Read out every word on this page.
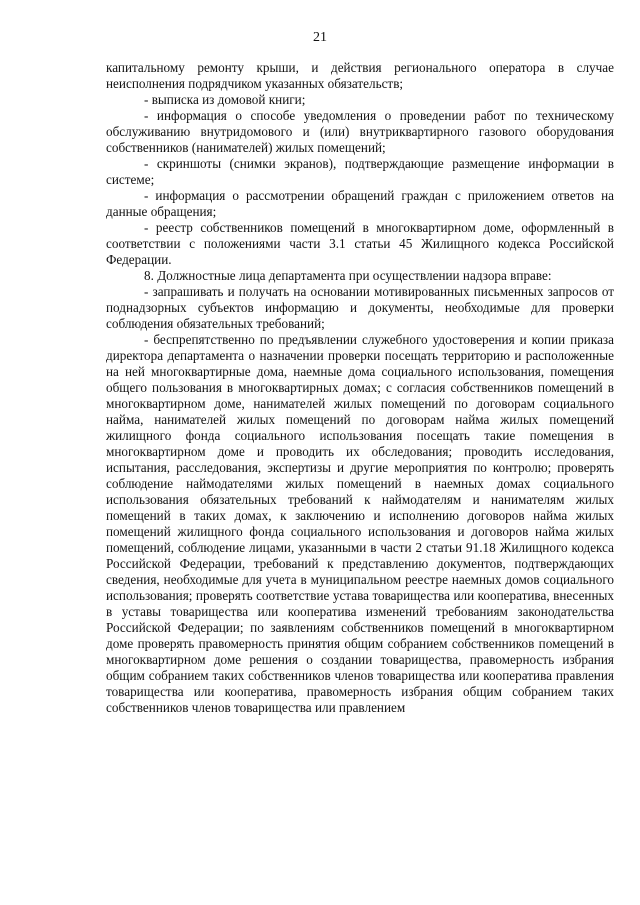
21

капитальному ремонту крыши, и действия регионального оператора в случае неисполнения подрядчиком указанных обязательств;

- выписка из домовой книги;

- информация о способе уведомления о проведении работ по техническому обслуживанию внутридомового и (или) внутриквартирного газового оборудования собственников (нанимателей) жилых помещений;

- скриншоты (снимки экранов), подтверждающие размещение информации в системе;

- информация о рассмотрении обращений граждан с приложением ответов на данные обращения;

- реестр собственников помещений в многоквартирном доме, оформленный в соответствии с положениями части 3.1 статьи 45 Жилищного кодекса Российской Федерации.

8. Должностные лица департамента при осуществлении надзора вправе:

- запрашивать и получать на основании мотивированных письменных запросов от поднадзорных субъектов информацию и документы, необходимые для проверки соблюдения обязательных требований;

- беспрепятственно по предъявлении служебного удостоверения и копии приказа директора департамента о назначении проверки посещать территорию и расположенные на ней многоквартирные дома, наемные дома социального использования, помещения общего пользования в многоквартирных домах; с согласия собственников помещений в многоквартирном доме, нанимателей жилых помещений по договорам социального найма, нанимателей жилых помещений по договорам найма жилых помещений жилищного фонда социального использования посещать такие помещения в многоквартирном доме и проводить их обследования; проводить исследования, испытания, расследования, экспертизы и другие мероприятия по контролю; проверять соблюдение наймодателями жилых помещений в наемных домах социального использования обязательных требований к наймодателям и нанимателям жилых помещений в таких домах, к заключению и исполнению договоров найма жилых помещений жилищного фонда социального использования и договоров найма жилых помещений, соблюдение лицами, указанными в части 2 статьи 91.18 Жилищного кодекса Российской Федерации, требований к представлению документов, подтверждающих сведения, необходимые для учета в муниципальном реестре наемных домов социального использования; проверять соответствие устава товарищества или кооператива, внесенных в уставы товарищества или кооператива изменений требованиям законодательства Российской Федерации; по заявлениям собственников помещений в многоквартирном доме проверять правомерность принятия общим собранием собственников помещений в многоквартирном доме решения о создании товарищества, правомерность избрания общим собранием таких собственников членов товарищества или кооператива правления товарищества или кооператива, правомерность избрания общим собранием таких собственников членов товарищества или правлением
